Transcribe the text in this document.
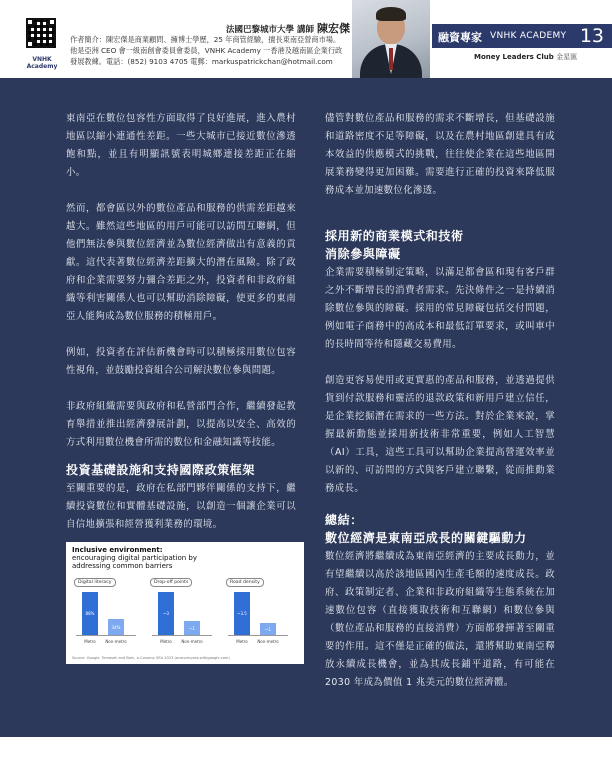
VNHK Academy
法國巴黎城市大學 講師 陳宏傑
作者簡介：陳宏傑是商業顧問、擁博士學歷，25 年商管經驗，擅長東南亞營商市場。
他是亞洲 CEO 會一級南創會委員會委員，VNHK Academy 一香港及越南區企業行政
發展教練。電話：(852) 9103 4705 電郵：markuspatrickchan@hotmail.com
融資專家 VNHK ACADEMY 13
Money Leaders Club 金星匯

東南亞在數位包容性方面取得了良好進展，進入農村地區以縮小連通性差距。一些大城市已接近數位滲透飽和點，並且有明顯訊號表明城鄉連接差距正在縮小。

然而，都會區以外的數位產品和服務的供需差距越來越大。雖然這些地區的用戶可能可以訪問互聯網，但他們無法參與數位經濟並為數位經濟做出有意義的貢獻。這代表著數位經濟差距擴大的潛在風險。除了政府和企業需要努力彌合差距之外，投資者和非政府組織等利害關係人也可以幫助消除障礙，使更多的東南亞人能夠成為數位服務的積極用戶。

例如，投資者在評估新機會時可以積極採用數位包容性視角，並鼓勵投資組合公司解決數位參與問題。

非政府組織需要與政府和私營部門合作，繼續發起教育舉措並推出經濟發展計劃，以提高以安全、高效的方式利用數位機會所需的數位和金融知識等技能。

投資基礎設施和支持國際政策框架

至關重要的是，政府在私部門夥伴關係的支持下，繼續投資數位和實體基礎設施，以創造一個讓企業可以自信地擴張和經營獲利業務的環境。

Inclusive environment:
encouraging digital participation by
addressing common barriers
Digital literacy
88%
Metro
34%
Non-metro
Drop-off points
~3
Metro
~1
Non-metro
Road density
~3.5
Metro
~1
Non-metro
Source: Google, Temasek and Bain, e-Conomy SEA 2023 (economysea.withgoogle.com)

儘管對數位產品和服務的需求不斷增長，但基礎設施和道路密度不足等障礙，以及在農村地區創建具有成本效益的供應模式的挑戰，往往使企業在這些地區開展業務變得更加困難。需要進行正確的投資來降低服務成本並加速數位化滲透。

採用新的商業模式和技術
消除參與障礙

企業需要積極制定策略，以滿足都會區和現有客戶群之外不斷增長的消費者需求。先決條件之一是持續消除數位參與的障礙。採用的常見障礙包括交付問題，例如電子商務中的高成本和最低訂單要求，或叫車中的長時間等待和隱藏交易費用。

創造更容易使用或更實惠的產品和服務，並透過提供貨到付款服務和靈活的退款政策和新用戶建立信任，是企業挖掘潛在需求的一些方法。對於企業來說，掌握最新動態並採用新技術非常重要，例如人工智慧（AI）工具，這些工具可以幫助企業提高營運效率並以新的、可訪問的方式與客戶建立聯繫，從而推動業務成長。

總結：
數位經濟是東南亞成長的關鍵驅動力

數位經濟將繼續成為東南亞經濟的主要成長動力，並有望繼續以高於該地區國內生產毛額的速度成長。政府、政策制定者、企業和非政府組織等生態系統在加速數位包容（直接獲取技術和互聯網）和數位參與（數位產品和服務的直接消費）方面都發揮著至關重要的作用。這不僅是正確的做法，還將幫助東南亞釋放永續成長機會，並為其成長鋪平道路，有可能在 2030 年成為價值 1 兆美元的數位經濟體。
